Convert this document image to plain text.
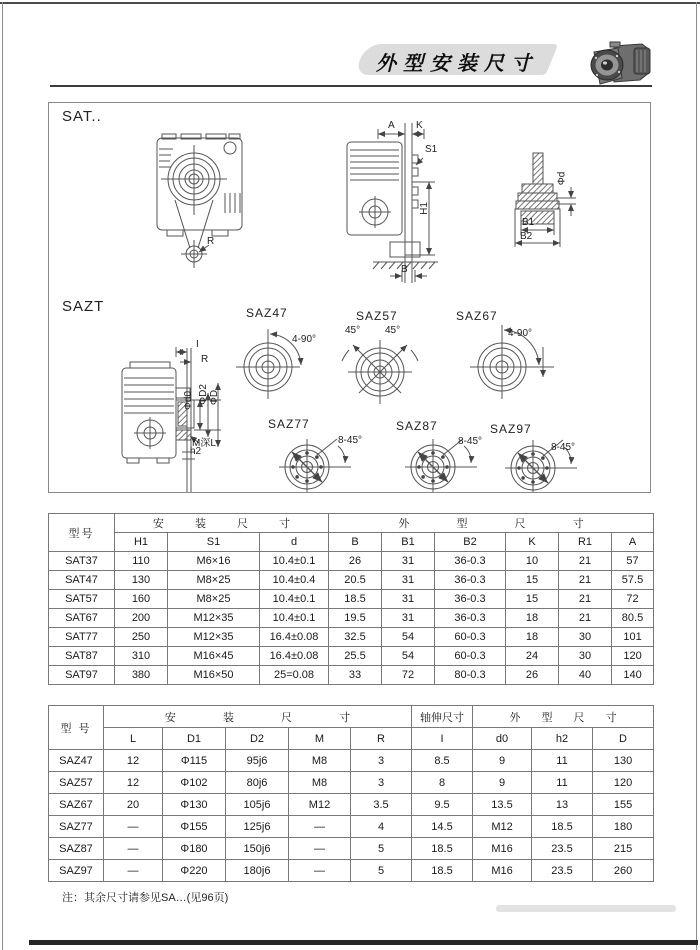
外型安装尺寸
SAT..
SAZT
A K
S1
H1
B
R
Φd
B1
B2
I
R
Φd0 ΦD2 ΦD
M深L
h2
SAZ47
4-90°
SAZ57
45° 45°
SAZ67
4-90°
SAZ77
8-45°
SAZ87
8-45°
SAZ97
8-45°
型号	安 装 尺 寸			外 型 尺 寸					
	H1	S1	d	B	B1	B2	K	R1	A
SAT37	110	M6×16	10.4±0.1	26	31	36-0.3	10	21	57
SAT47	130	M8×25	10.4±0.4	20.5	31	36-0.3	15	21	57.5
SAT57	160	M8×25	10.4±0.1	18.5	31	36-0.3	15	21	72
SAT67	200	M12×35	10.4±0.1	19.5	31	36-0.3	18	21	80.5
SAT77	250	M12×35	16.4±0.08	32.5	54	60-0.3	18	30	101
SAT87	310	M16×45	16.4±0.08	25.5	54	60-0.3	24	30	120
SAT97	380	M16×50	25=0.08	33	72	80-0.3	26	40	140
型 号	安 装 尺 寸					轴伸尺寸	外 型 尺 寸		
	L	D1	D2	M	R	I	d0	h2	D
SAZ47	12	Φ115	95j6	M8	3	8.5	9	11	130
SAZ57	12	Φ102	80j6	M8	3	8	9	11	120
SAZ67	20	Φ130	105j6	M12	3.5	9.5	13.5	13	155
SAZ77	—	Φ155	125j6	—	4	14.5	M12	18.5	180
SAZ87	—	Φ180	150j6	—	5	18.5	M16	23.5	215
SAZ97	—	Φ220	180j6	—	5	18.5	M16	23.5	260
注：其余尺寸请参见SA…(见96页)
